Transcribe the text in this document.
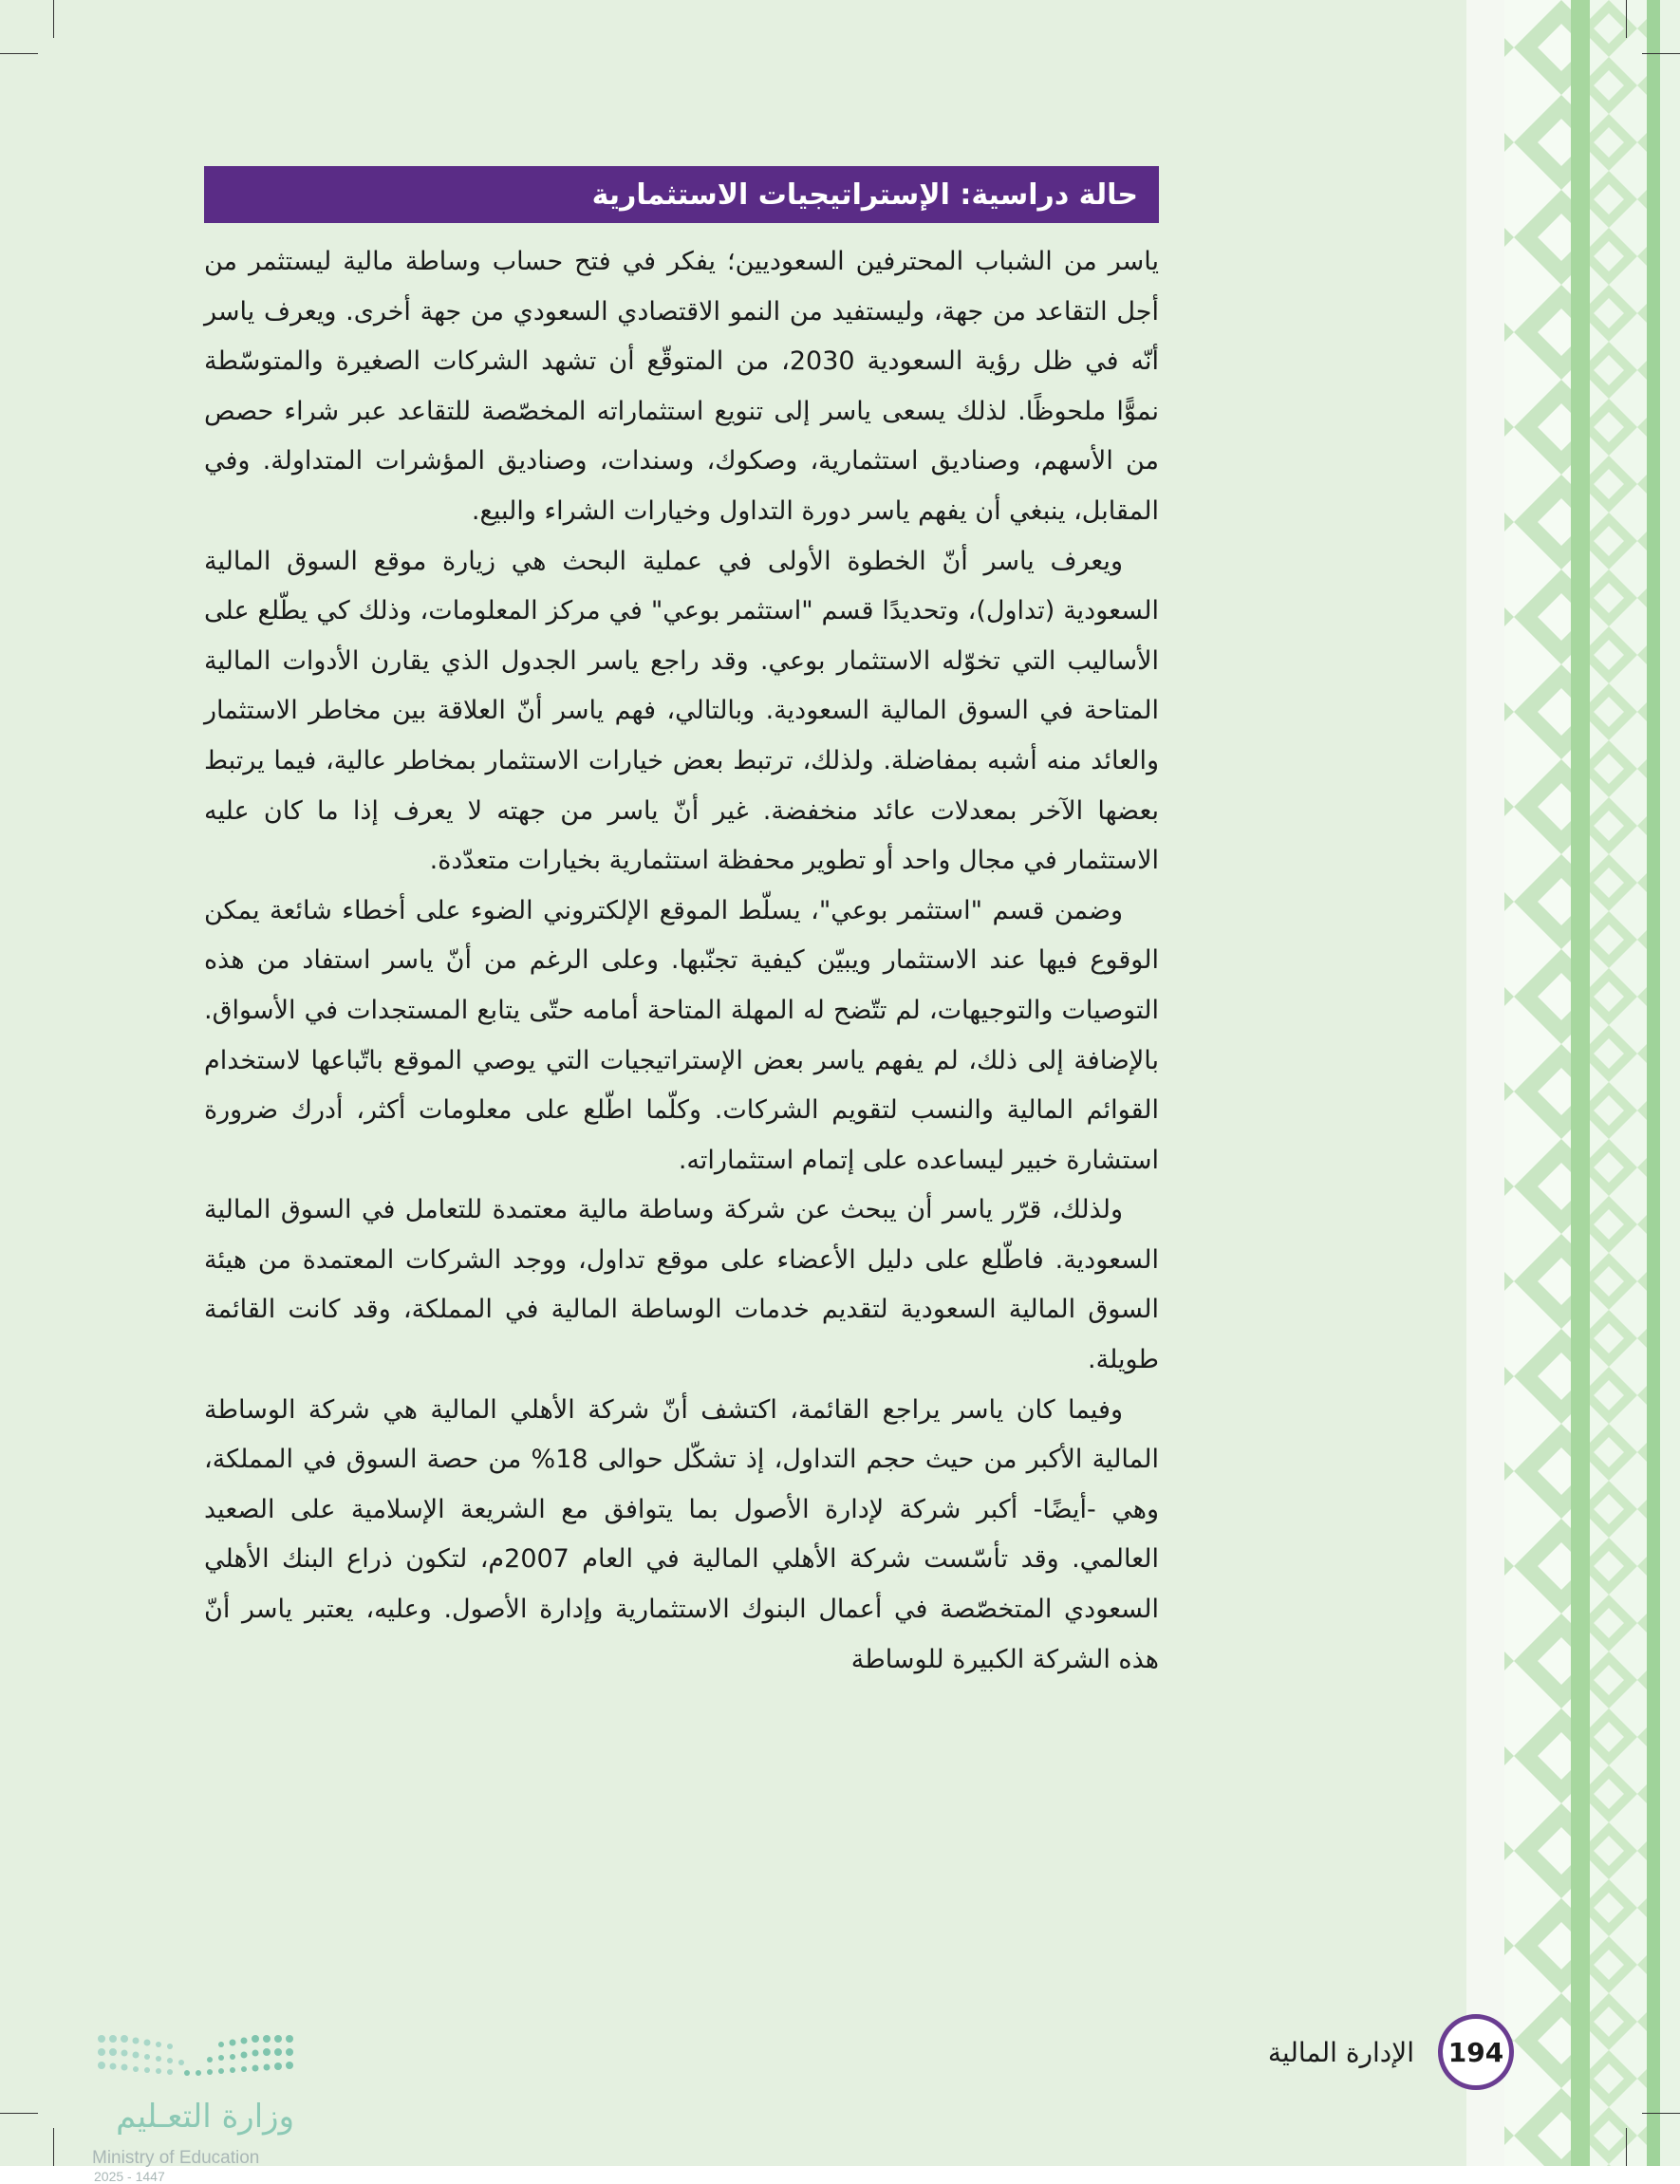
حالة دراسية: الإستراتيجيات الاستثمارية

ياسر من الشباب المحترفين السعوديين؛ يفكر في فتح حساب وساطة مالية ليستثمر من أجل التقاعد من جهة، وليستفيد من النمو الاقتصادي السعودي من جهة أخرى. ويعرف ياسر أنّه في ظل رؤية السعودية 2030، من المتوقّع أن تشهد الشركات الصغيرة والمتوسّطة نموًّا ملحوظًا. لذلك يسعى ياسر إلى تنويع استثماراته المخصّصة للتقاعد عبر شراء حصص من الأسهم، وصناديق استثمارية، وصكوك، وسندات، وصناديق المؤشرات المتداولة. وفي المقابل، ينبغي أن يفهم ياسر دورة التداول وخيارات الشراء والبيع.

ويعرف ياسر أنّ الخطوة الأولى في عملية البحث هي زيارة موقع السوق المالية السعودية (تداول)، وتحديدًا قسم "استثمر بوعي" في مركز المعلومات، وذلك كي يطّلع على الأساليب التي تخوّله الاستثمار بوعي. وقد راجع ياسر الجدول الذي يقارن الأدوات المالية المتاحة في السوق المالية السعودية. وبالتالي، فهم ياسر أنّ العلاقة بين مخاطر الاستثمار والعائد منه أشبه بمفاضلة. ولذلك، ترتبط بعض خيارات الاستثمار بمخاطر عالية، فيما يرتبط بعضها الآخر بمعدلات عائد منخفضة. غير أنّ ياسر من جهته لا يعرف إذا ما كان عليه الاستثمار في مجال واحد أو تطوير محفظة استثمارية بخيارات متعدّدة.

وضمن قسم "استثمر بوعي"، يسلّط الموقع الإلكتروني الضوء على أخطاء شائعة يمكن الوقوع فيها عند الاستثمار ويبيّن كيفية تجنّبها. وعلى الرغم من أنّ ياسر استفاد من هذه التوصيات والتوجيهات، لم تتّضح له المهلة المتاحة أمامه حتّى يتابع المستجدات في الأسواق. بالإضافة إلى ذلك، لم يفهم ياسر بعض الإستراتيجيات التي يوصي الموقع باتّباعها لاستخدام القوائم المالية والنسب لتقويم الشركات. وكلّما اطّلع على معلومات أكثر، أدرك ضرورة استشارة خبير ليساعده على إتمام استثماراته.

ولذلك، قرّر ياسر أن يبحث عن شركة وساطة مالية معتمدة للتعامل في السوق المالية السعودية. فاطّلع على دليل الأعضاء على موقع تداول، ووجد الشركات المعتمدة من هيئة السوق المالية السعودية لتقديم خدمات الوساطة المالية في المملكة، وقد كانت القائمة طويلة.

وفيما كان ياسر يراجع القائمة، اكتشف أنّ شركة الأهلي المالية هي شركة الوساطة المالية الأكبر من حيث حجم التداول، إذ تشكّل حوالى 18% من حصة السوق في المملكة، وهي -أيضًا- أكبر شركة لإدارة الأصول بما يتوافق مع الشريعة الإسلامية على الصعيد العالمي. وقد تأسّست شركة الأهلي المالية في العام 2007م، لتكون ذراع البنك الأهلي السعودي المتخصّصة في أعمال البنوك الاستثمارية وإدارة الأصول. وعليه، يعتبر ياسر أنّ هذه الشركة الكبيرة للوساطة

الإدارة المالية	194
وزارة التعـليم
Ministry of Education
2025 - 1447
